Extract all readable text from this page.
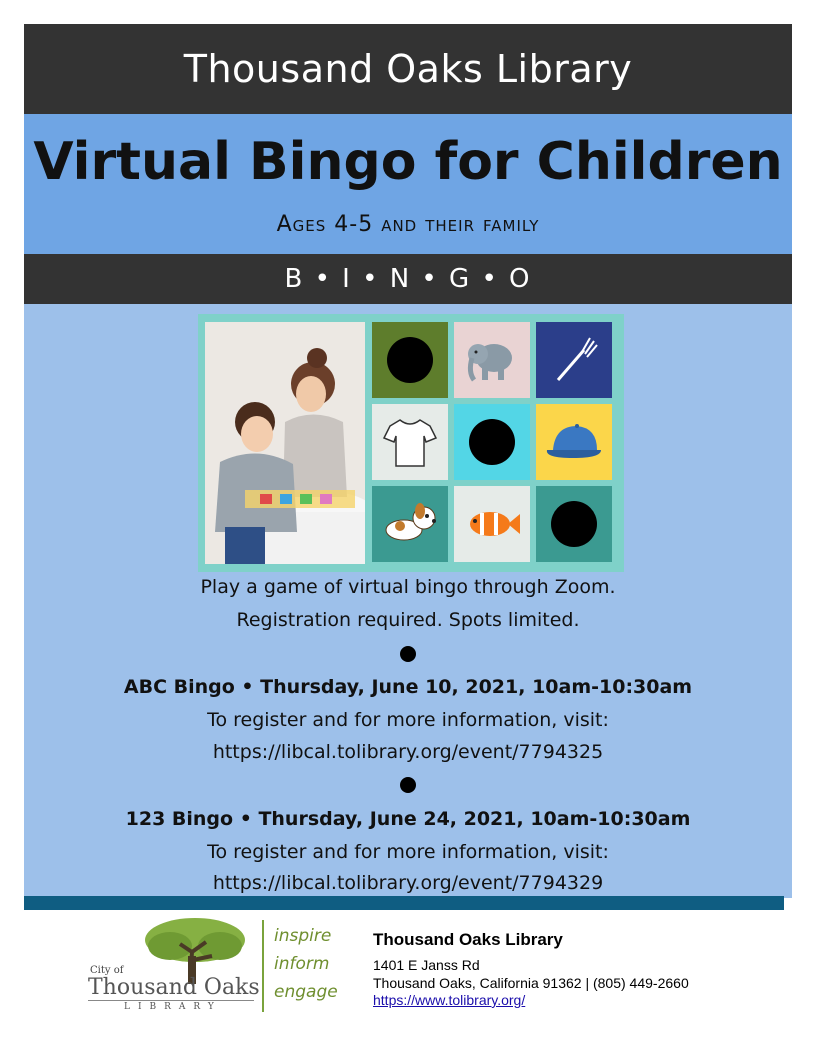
Thousand Oaks Library
Virtual Bingo for Children
Ages 4-5 and their family
B • I • N • G • O
Play a game of virtual bingo through Zoom.
Registration required. Spots limited.
ABC Bingo • Thursday, June 10, 2021, 10am-10:30am
To register and for more information, visit:
https://libcal.tolibrary.org/event/7794325
123 Bingo • Thursday, June 24, 2021, 10am-10:30am
To register and for more information, visit:
https://libcal.tolibrary.org/event/7794329
City of
Thousand Oaks
LIBRARY
inspire
inform
engage
Thousand Oaks Library
1401 E Janss Rd
Thousand Oaks, California 91362 | (805) 449-2660
https://www.tolibrary.org/
